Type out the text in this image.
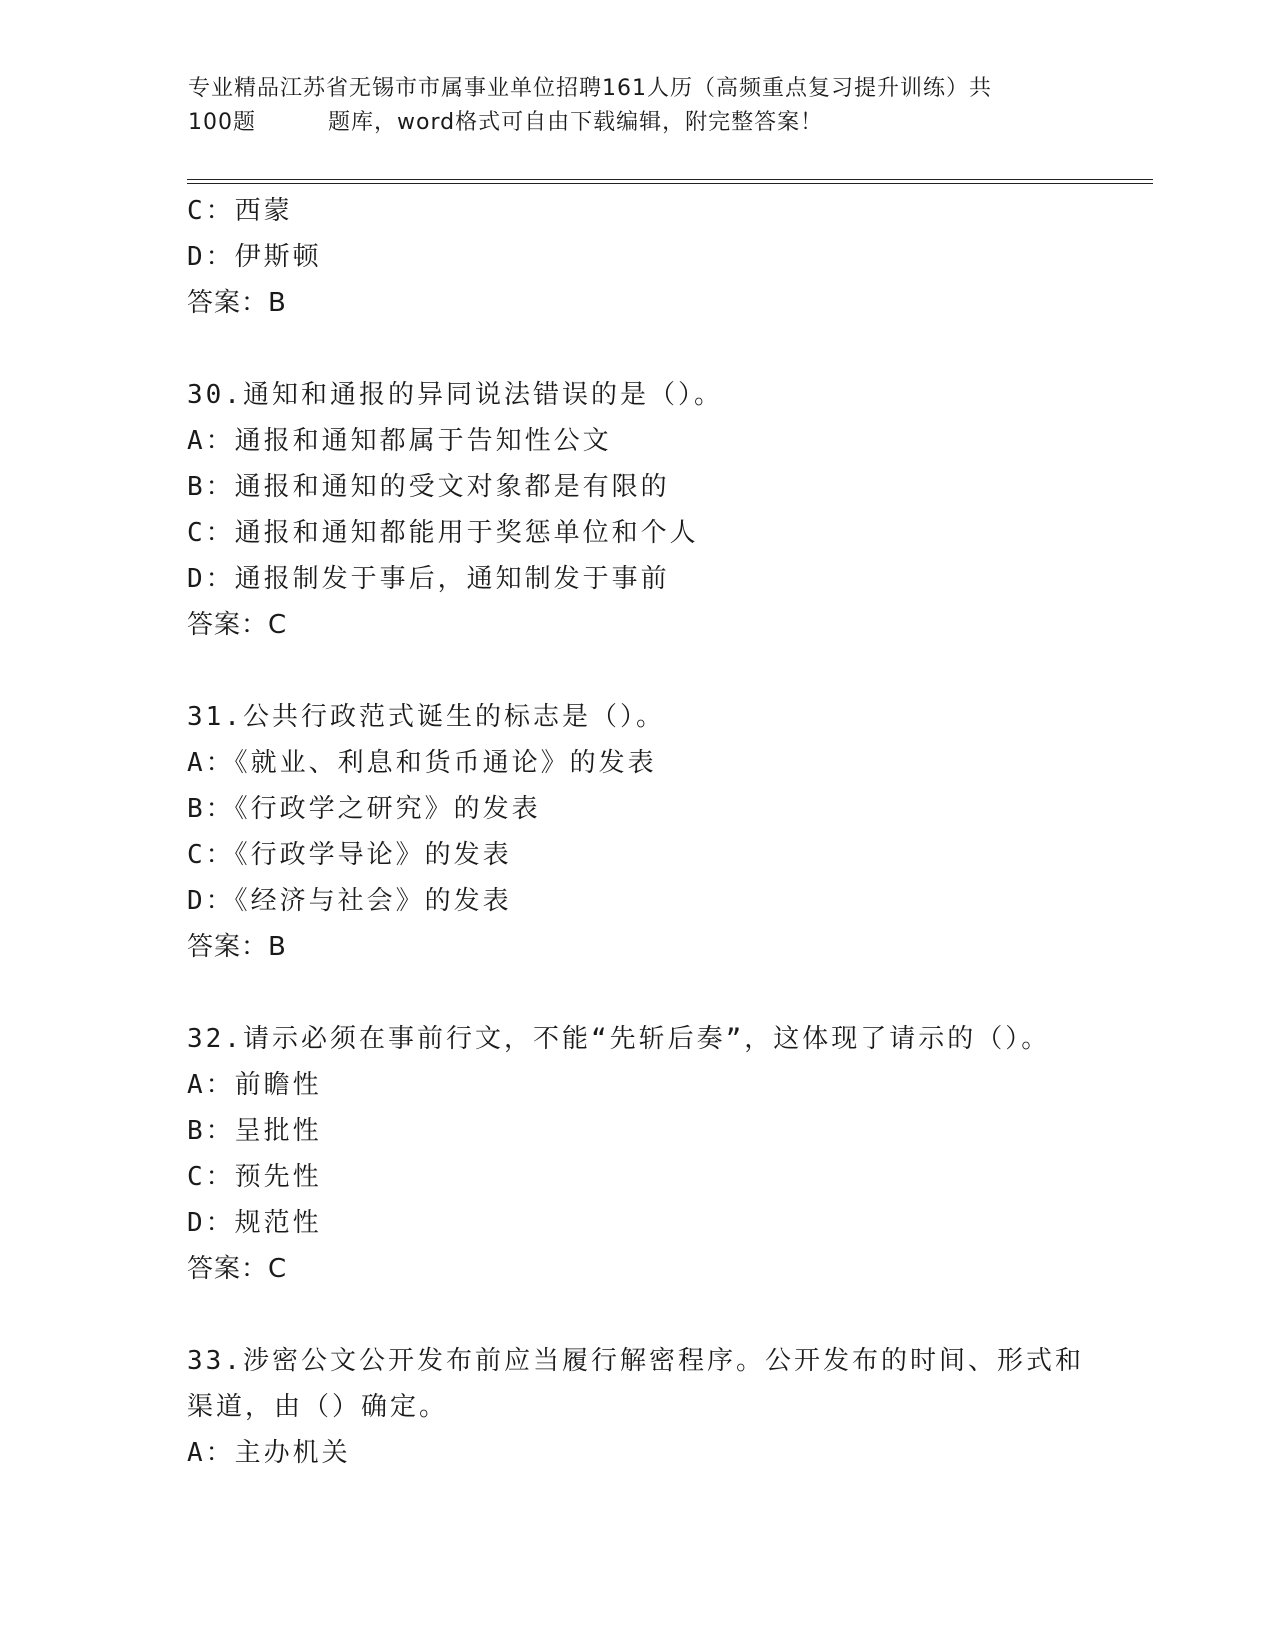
专业精品江苏省无锡市市属事业单位招聘161人历（高频重点复习提升训练）共
100题	题库，word格式可自由下载编辑，附完整答案！
C：西蒙
D：伊斯顿
答案：B
30.通知和通报的异同说法错误的是（）。
A：通报和通知都属于告知性公文
B：通报和通知的受文对象都是有限的
C：通报和通知都能用于奖惩单位和个人
D：通报制发于事后，通知制发于事前
答案：C
31.公共行政范式诞生的标志是（）。
A：《就业、利息和货币通论》的发表
B：《行政学之研究》的发表
C：《行政学导论》的发表
D：《经济与社会》的发表
答案：B
32.请示必须在事前行文，不能“先斩后奏”，这体现了请示的（）。
A：前瞻性
B：呈批性
C：预先性
D：规范性
答案：C
33.涉密公文公开发布前应当履行解密程序。公开发布的时间、形式和
渠道，由（）确定。
A：主办机关
